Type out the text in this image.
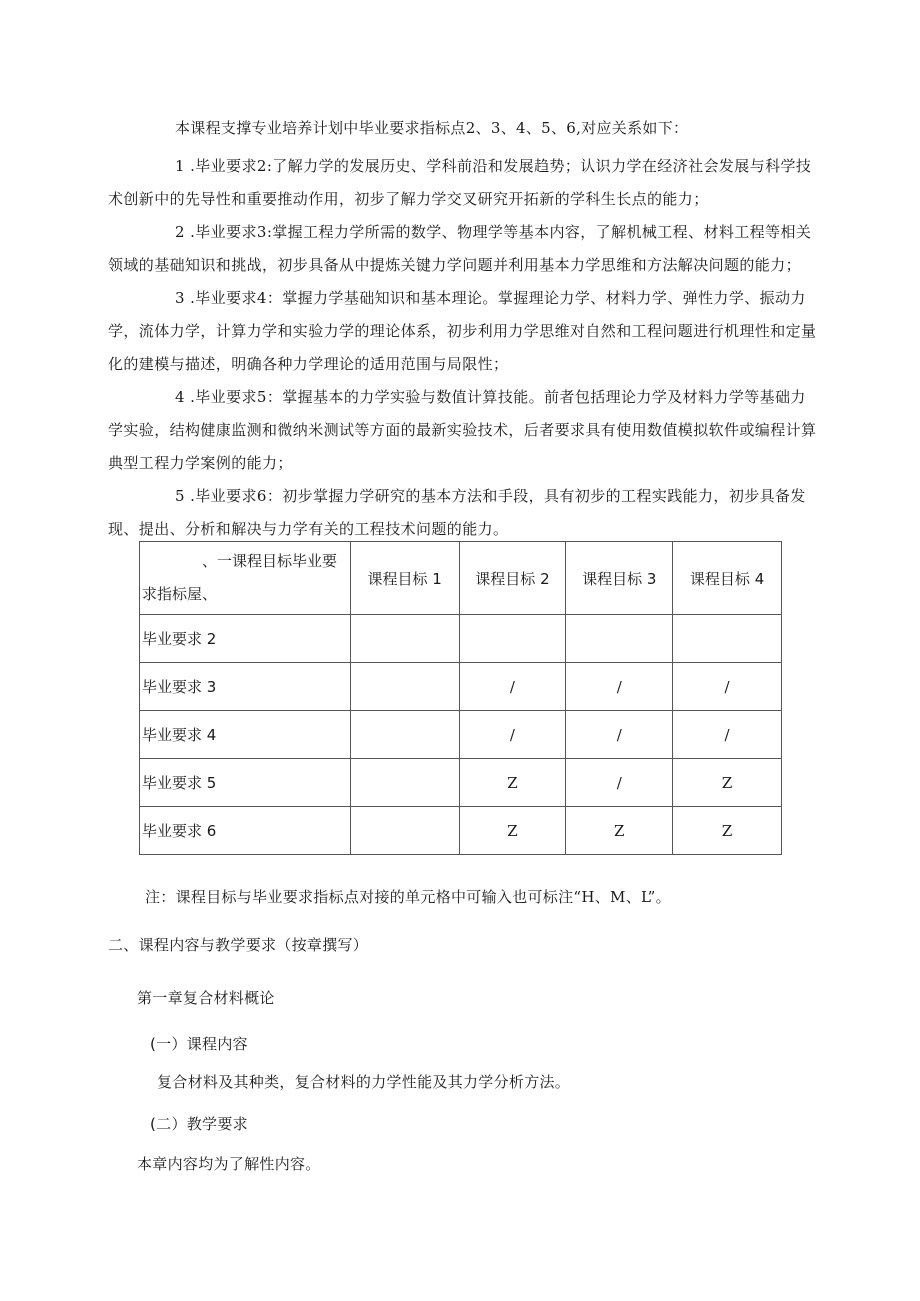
本课程支撑专业培养计划中毕业要求指标点2、3、4、5、6,对应关系如下：

1 .毕业要求2:了解力学的发展历史、学科前沿和发展趋势；认识力学在经济社会发展与科学技术创新中的先导性和重要推动作用，初步了解力学交叉研究开拓新的学科生长点的能力；

2 .毕业要求3:掌握工程力学所需的数学、物理学等基本内容，了解机械工程、材料工程等相关领域的基础知识和挑战，初步具备从中提炼关键力学问题并利用基本力学思维和方法解决问题的能力；

3 .毕业要求4：掌握力学基础知识和基本理论。掌握理论力学、材料力学、弹性力学、振动力学，流体力学，计算力学和实验力学的理论体系，初步利用力学思维对自然和工程问题进行机理性和定量化的建模与描述，明确各种力学理论的适用范围与局限性；

4 .毕业要求5：掌握基本的力学实验与数值计算技能。前者包括理论力学及材料力学等基础力学实验，结构健康监测和微纳米测试等方面的最新实验技术，后者要求具有使用数值模拟软件或编程计算典型工程力学案例的能力；

5 .毕业要求6：初步掌握力学研究的基本方法和手段，具有初步的工程实践能力，初步具备发现、提出、分析和解决与力学有关的工程技术问题的能力。

、一课程目标毕业要
求指标屋、	课程目标 1	课程目标 2	课程目标 3	课程目标 4
毕业要求 2				
毕业要求 3		/	/	/
毕业要求 4		/	/	/
毕业要求 5		Z	/	Z
毕业要求 6		Z	Z	Z
注：课程目标与毕业要求指标点对接的单元格中可输入也可标注“H、M、L”。
二、课程内容与教学要求（按章撰写）
第一章复合材料概论
(一）课程内容
复合材料及其种类，复合材料的力学性能及其力学分析方法。
(二）教学要求
本章内容均为了解性内容。
